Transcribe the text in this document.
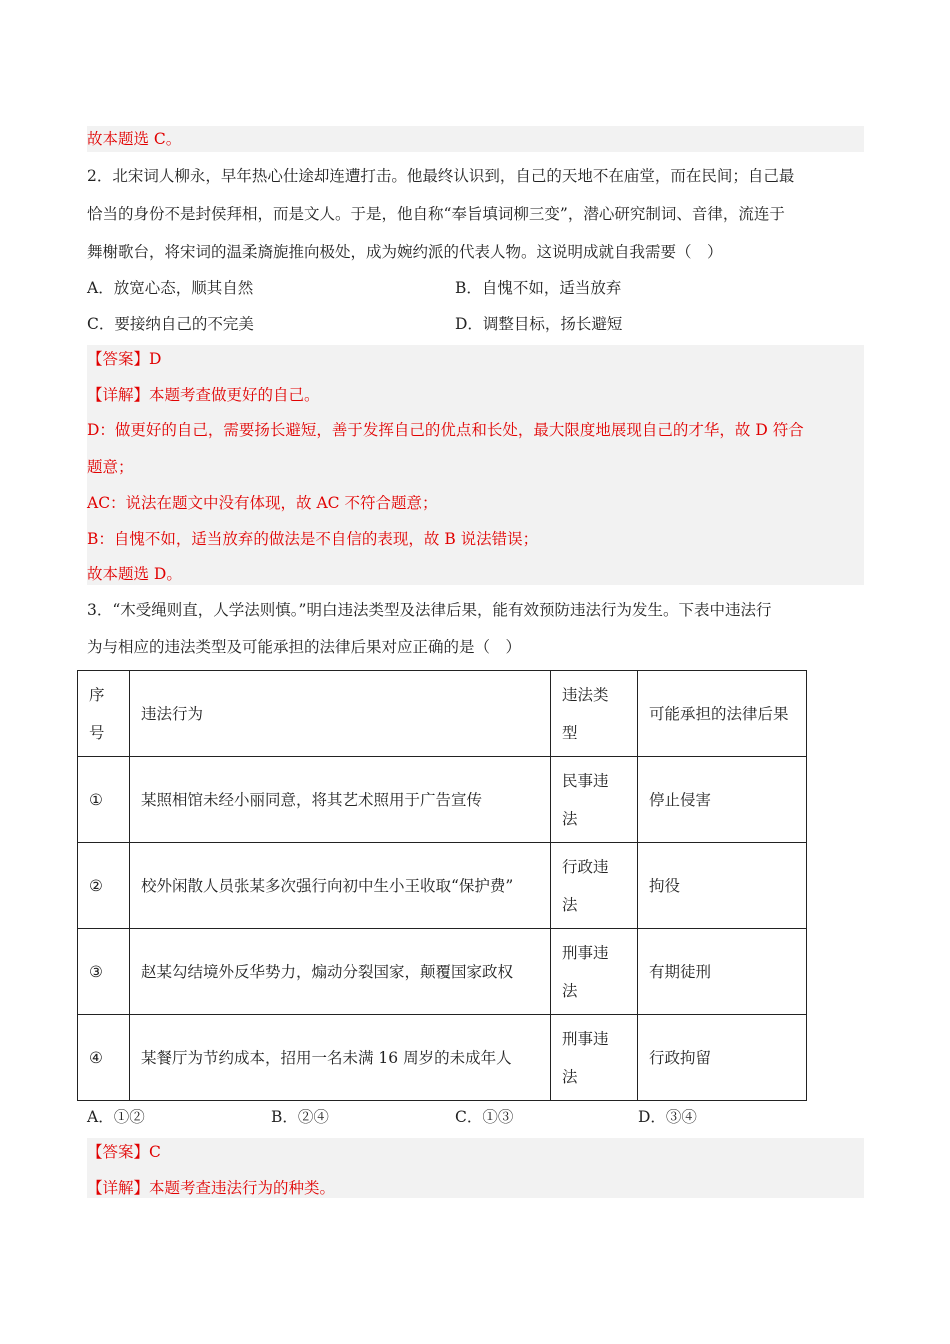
故本题选 C。
2．北宋词人柳永，早年热心仕途却连遭打击。他最终认识到，自己的天地不在庙堂，而在民间；自己最
恰当的身份不是封侯拜相，而是文人。于是，他自称“奉旨填词柳三变”，潜心研究制词、音律，流连于
舞榭歌台，将宋词的温柔旖旎推向极处，成为婉约派的代表人物。这说明成就自我需要（　）
A．放宽心态，顺其自然	B．自愧不如，适当放弃
C．要接纳自己的不完美	D．调整目标，扬长避短
【答案】D
【详解】本题考查做更好的自己。
D：做更好的自己，需要扬长避短，善于发挥自己的优点和长处，最大限度地展现自己的才华，故 D 符合
题意；
AC：说法在题文中没有体现，故 AC 不符合题意；
B：自愧不如，适当放弃的做法是不自信的表现，故 B 说法错误；
故本题选 D。
3．“木受绳则直，人学法则慎。”明白违法类型及法律后果，能有效预防违法行为发生。下表中违法行
为与相应的违法类型及可能承担的法律后果对应正确的是（　）
序号	违法行为	违法类型	可能承担的法律后果
①	某照相馆未经小丽同意，将其艺术照用于广告宣传	民事违法	停止侵害
②	校外闲散人员张某多次强行向初中生小王收取“保护费”	行政违法	拘役
③	赵某勾结境外反华势力，煽动分裂国家，颠覆国家政权	刑事违法	有期徒刑
④	某餐厅为节约成本，招用一名未满 16 周岁的未成年人	刑事违法	行政拘留
A．①②	B．②④	C．①③	D．③④
【答案】C
【详解】本题考查违法行为的种类。
